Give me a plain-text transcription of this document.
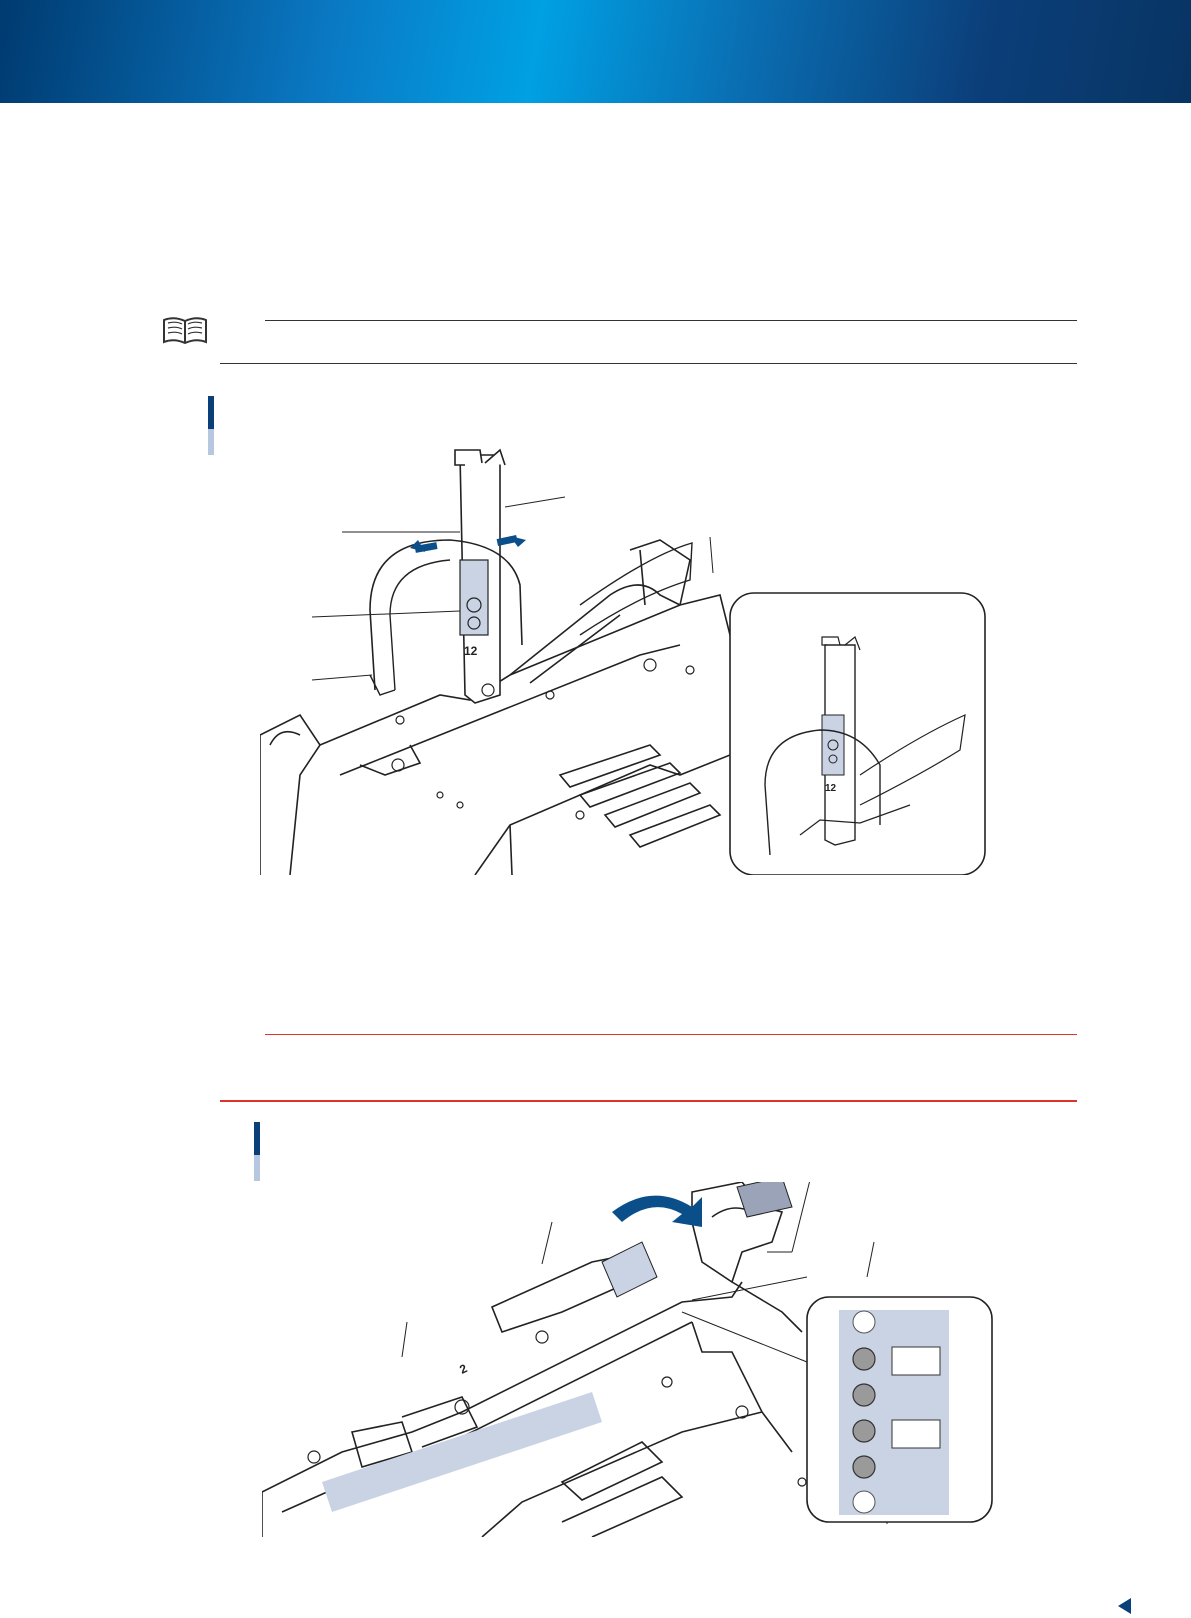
12
12
2
